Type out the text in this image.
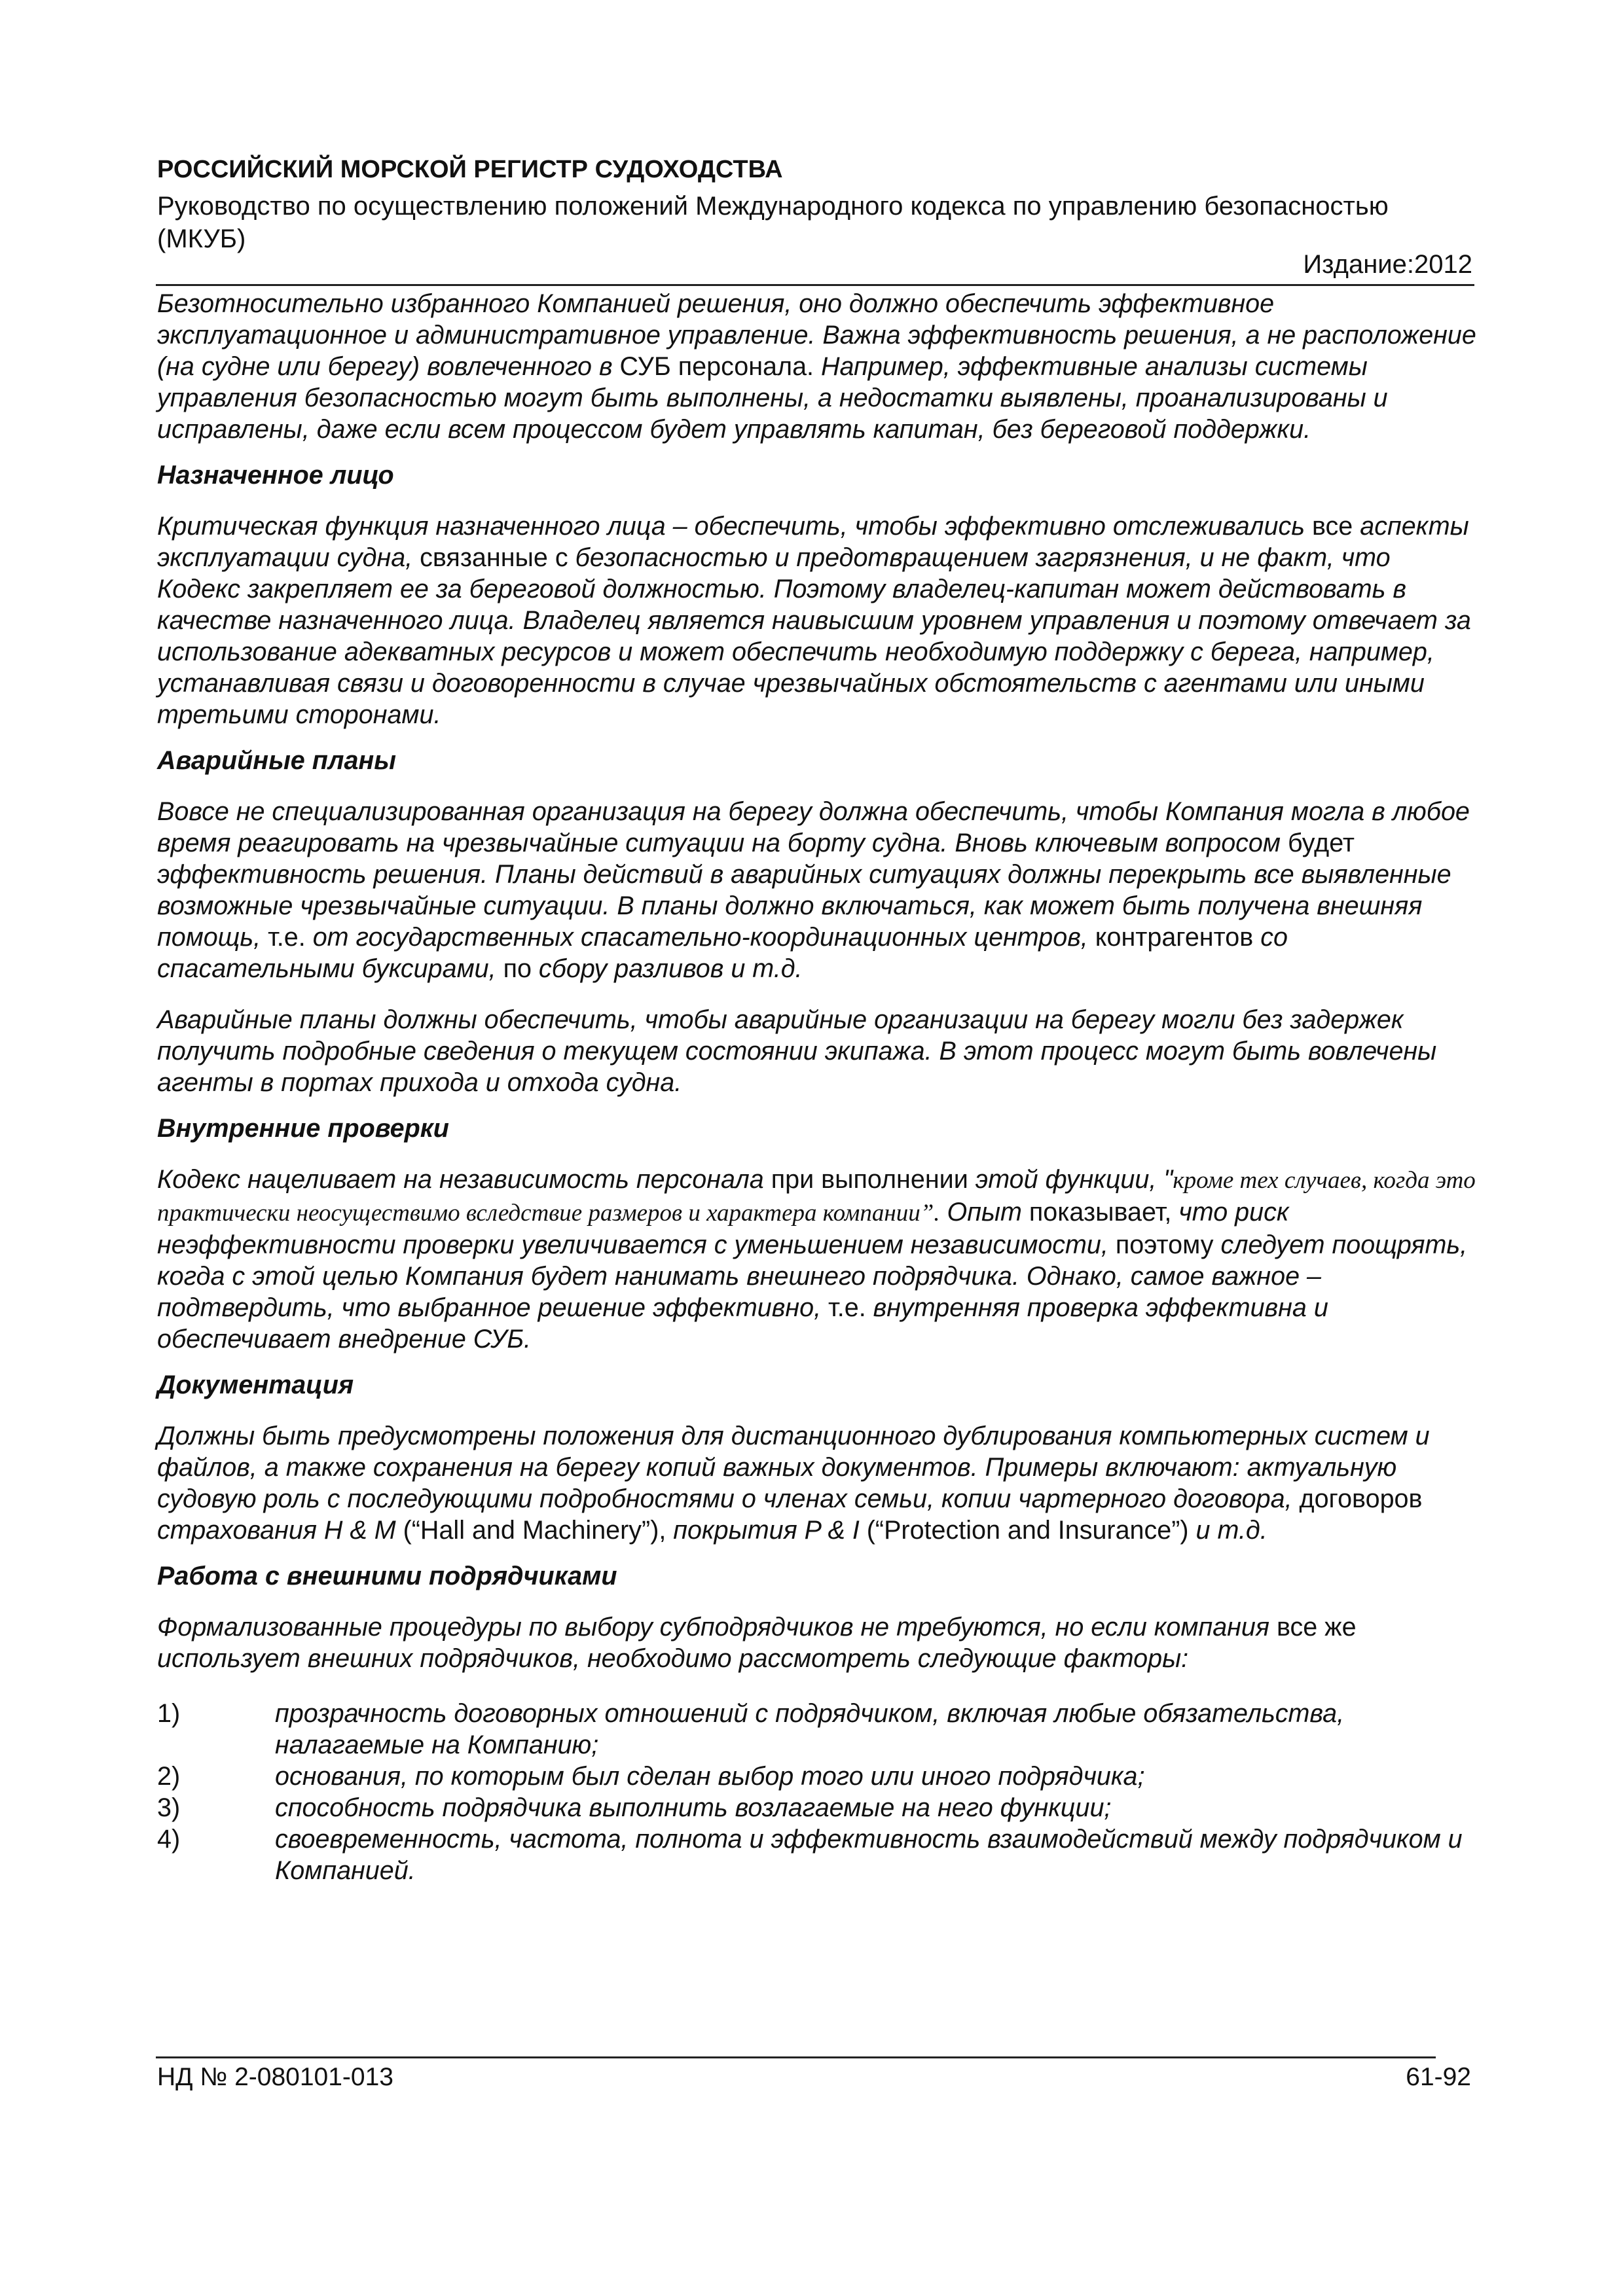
РОССИЙСКИЙ МОРСКОЙ РЕГИСТР СУДОХОДСТВА

Руководство по осуществлению положений Международного кодекса по управлению безопасностью (МКУБ)

Издание:2012

Безотносительно избранного Компанией решения, оно должно обеспечить эффективное эксплуатационное и административное управление. Важна эффективность решения, а не расположение (на судне или берегу) вовлеченного в СУБ персонала. Например, эффективные анализы системы управления безопасностью могут быть выполнены, а недостатки выявлены, проанализированы и исправлены, даже если всем процессом будет управлять капитан, без береговой поддержки.

Назначенное лицо

Критическая функция назначенного лица – обеспечить, чтобы эффективно отслеживались все аспекты эксплуатации судна, связанные с безопасностью и предотвращением загрязнения, и не факт, что Кодекс закрепляет ее за береговой должностью. Поэтому владелец-капитан может действовать в качестве назначенного лица. Владелец является наивысшим уровнем управления и поэтому отвечает за использование адекватных ресурсов и может обеспечить необходимую поддержку с берега, например, устанавливая связи и договоренности в случае чрезвычайных обстоятельств с агентами или иными третьими сторонами.

Аварийные планы

Вовсе не специализированная организация на берегу должна обеспечить, чтобы Компания могла в любое время реагировать на чрезвычайные ситуации на борту судна. Вновь ключевым вопросом будет эффективность решения. Планы действий в аварийных ситуациях должны перекрыть все выявленные возможные чрезвычайные ситуации. В планы должно включаться, как может быть получена внешняя помощь, т.е. от государственных спасательно-координационных центров, контрагентов со спасательными буксирами, по сбору разливов и т.д.

Аварийные планы должны обеспечить, чтобы аварийные организации на берегу могли без задержек получить подробные сведения о текущем состоянии экипажа. В этот процесс могут быть вовлечены агенты в портах прихода и отхода судна.

Внутренние проверки

Кодекс нацеливает на независимость персонала при выполнении этой функции, "кроме тех случаев, когда это практически неосуществимо вследствие размеров и характера компании”. Опыт показывает, что риск неэффективности проверки увеличивается с уменьшением независимости, поэтому следует поощрять, когда с этой целью Компания будет нанимать внешнего подрядчика. Однако, самое важное – подтвердить, что выбранное решение эффективно, т.е. внутренняя проверка эффективна и обеспечивает внедрение СУБ.

Документация

Должны быть предусмотрены положения для дистанционного дублирования компьютерных систем и файлов, а также сохранения на берегу копий важных документов. Примеры включают: актуальную судовую роль с последующими подробностями о членах семьи, копии чартерного договора, договоров страхования H & M (“Hall and Machinery”), покрытия P & I (“Protection and Insurance”) и т.д.

Работа с внешними подрядчиками

Формализованные процедуры по выбору субподрядчиков не требуются, но если компания все же использует внешних подрядчиков, необходимо рассмотреть следующие факторы:

1)	прозрачность договорных отношений с подрядчиком, включая любые обязательства, налагаемые на Компанию;
2)	основания, по которым был сделан выбор того или иного подрядчика;
3)	способность подрядчика выполнить возлагаемые на него функции;
4)	своевременность, частота, полнота и эффективность взаимодействий между подрядчиком и Компанией.

НД № 2-080101-013	61-92
